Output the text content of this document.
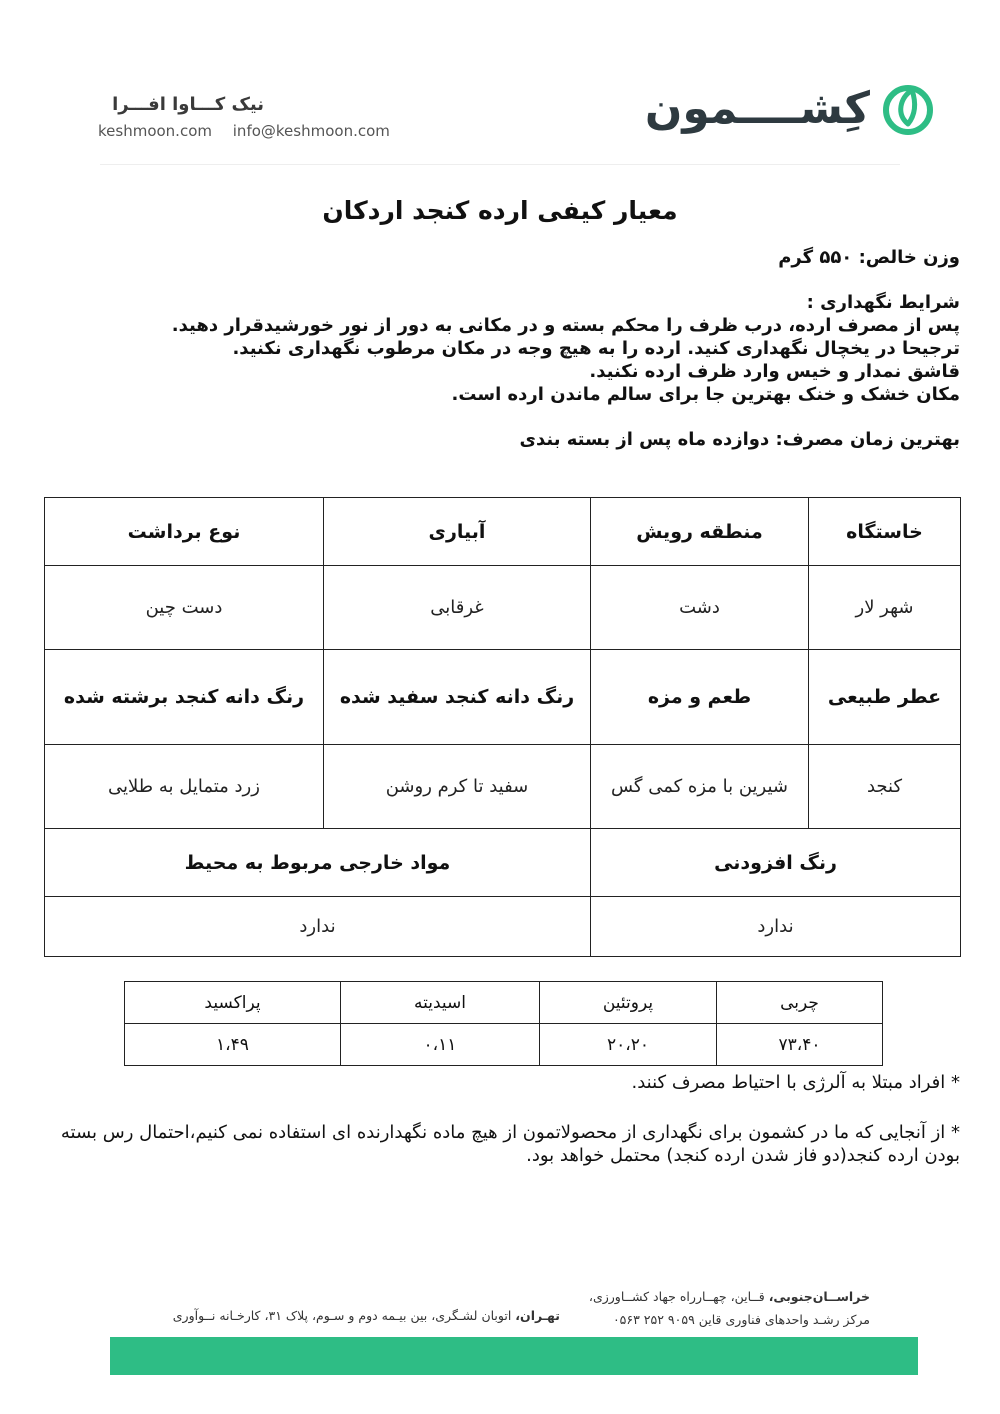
کِشــــمون
نیک کـــاوا افـــرا
keshmoon.com info@keshmoon.com
معیار کیفی ارده کنجد اردکان
وزن خالص: ۵۵۰ گرم
شرایط نگهداری :
پس از مصرف ارده، درب ظرف را محکم بسته و در مکانی به دور از نور خورشیدقرار دهید.
ترجیحا در یخچال نگهداری کنید. ارده را به هیچ وجه در مکان مرطوب نگهداری نکنید.
قاشق نمدار و خیس وارد ظرف ارده نکنید.
مکان خشک و خنک بهترین جا برای سالم ماندن ارده است.
بهترین زمان مصرف: دوازده ماه پس از بسته بندی
خاستگاه	منطقه رویش	آبیاری	نوع برداشت
شهر لار	دشت	غرقابی	دست چین
عطر طبیعی	طعم و مزه	رنگ دانه کنجد سفید شده	رنگ دانه کنجد برشته شده
کنجد	شیرین با مزه کمی گس	سفید تا کرم روشن	زرد متمایل به طلایی
رنگ افزودنی		مواد خارجی مربوط به محیط	
ندارد		ندارد	
چربی	پروتئین	اسیدیته	پراکسید
۷۳،۴۰	۲۰،۲۰	۰،۱۱	۱،۴۹
* افراد مبتلا به آلرژی با احتیاط مصرف کنند.
* از آنجایی که ما در کشمون برای نگهداری از محصولاتمون از هیچ ماده نگهدارنده ای استفاده نمی کنیم،احتمال رس بسته بودن ارده کنجد(دو فاز شدن ارده کنجد) محتمل خواهد بود.
خراســان‌جنوبی، قــاین، چهــارراه جهاد کشــاورزی،
مرکز رشـد واحدهای فناوری قاین ۹۰۵۹ ۲۵۲ ۰۵۶۳
تهـران، اتوبان لشـگری، بین بیـمه دوم و سـوم، پلاک ۳۱، کارخـانه نــوآوری
